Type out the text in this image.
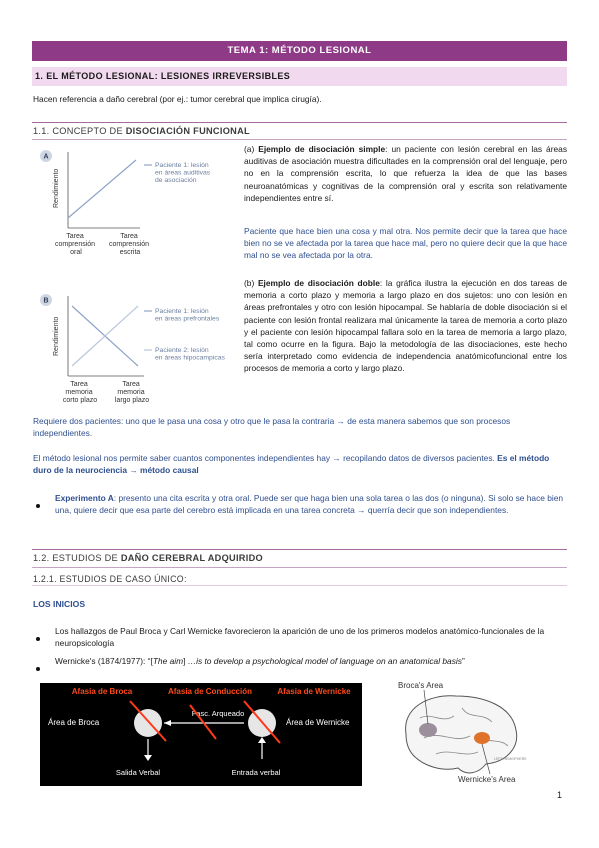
TEMA 1: MÉTODO LESIONAL
1. EL MÉTODO LESIONAL: LESIONES IRREVERSIBLES
Hacen referencia a daño cerebral (por ej.: tumor cerebral que implica cirugía).
1.1. CONCEPTO DE DISOCIACIÓN FUNCIONAL
A
Rendimiento
Tarea comprensión oral
Tarea comprensión escrita
Paciente 1: lesión en áreas auditivas de asociación
B
Rendimiento
Tarea memoria corto plazo
Tarea memoria largo plazo
Paciente 1: lesión en áreas prefrontales
Paciente 2: lesión en áreas hipocampicas
(a) Ejemplo de disociación simple: un paciente con lesión cerebral en las áreas auditivas de asociación muestra dificultades en la comprensión oral del lenguaje, pero no en la comprensión escrita, lo que refuerza la idea de que las bases neuroanatómicas y cognitivas de la comprensión oral y escrita son relativamente independientes entre sí.
Paciente que hace bien una cosa y mal otra. Nos permite decir que la tarea que hace bien no se ve afectada por la tarea que hace mal, pero no quiere decir que la que hace mal no se vea afectada por la otra.
(b) Ejemplo de disociación doble: la gráfica ilustra la ejecución en dos tareas de memoria a corto plazo y memoria a largo plazo en dos sujetos: uno con lesión en áreas prefrontales y otro con lesión hipocampal. Se hablaría de doble disociación si el paciente con lesión frontal realizara mal únicamente la tarea de memoria a corto plazo y el paciente con lesión hipocampal fallara solo en la tarea de memoria a largo plazo, tal como ocurre en la figura. Bajo la metodología de las disociaciones, este hecho sería interpretado como evidencia de independencia anatómicofuncional entre los procesos de memoria a corto y largo plazo.
Requiere dos pacientes: uno que le pasa una cosa y otro que le pasa la contraria → de esta manera sabemos que son procesos independientes.
El método lesional nos permite saber cuantos componentes independientes hay → recopilando datos de diversos pacientes. Es el método duro de la neurociencia → método causal
Experimento A: presento una cita escrita y otra oral. Puede ser que haga bien una sola tarea o las dos (o ninguna). Si solo se hace bien una, quiere decir que esa parte del cerebro está implicada en una tarea concreta → querría decir que son independientes.
1.2. ESTUDIOS DE DAÑO CEREBRAL ADQUIRIDO
1.2.1. ESTUDIOS DE CASO ÚNICO:
LOS INICIOS
Los hallazgos de Paul Broca y Carl Wernicke favorecieron la aparición de uno de los primeros modelos anatómico-funcionales de la neuropsicología
Wernicke's (1874/1977): “[The aim] …is to develop a psychological model of language on an anatomical basis”
Afasia de Broca	Afasia de Conducción	Afasia de Wernicke
Área de Broca
Fasc. Arqueado
Área de Wernicke
Salida Verbal	Entrada verbal
Broca's Area
Wernicke's Area
LEFT HEMISPHERE
1
